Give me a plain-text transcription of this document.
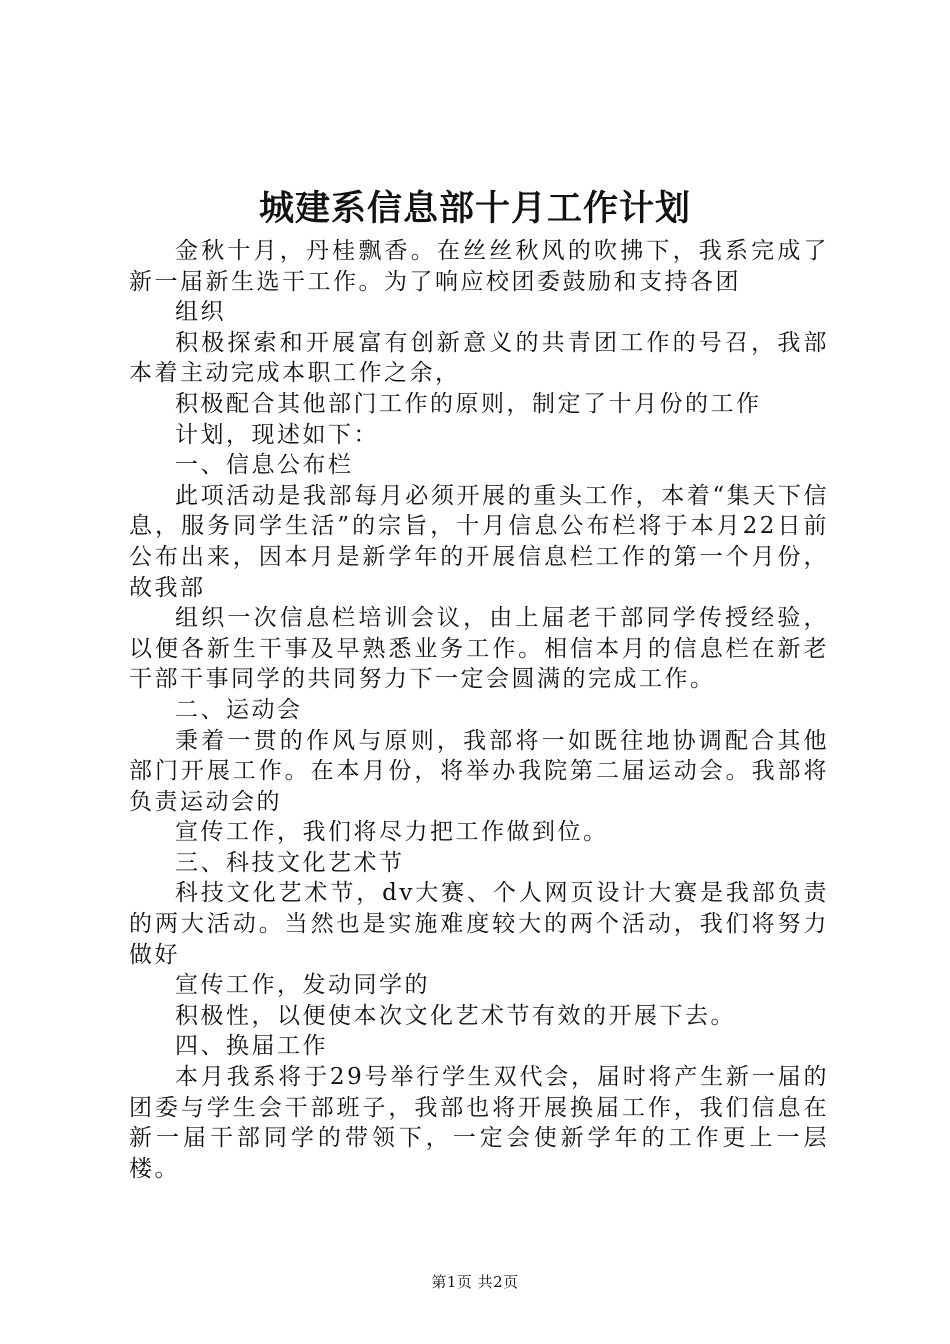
城建系信息部十月工作计划

金秋十月，丹桂飘香。在丝丝秋风的吹拂下，我系完成了新一届新生选干工作。为了响应校团委鼓励和支持各团

组织

积极探索和开展富有创新意义的共青团工作的号召，我部本着主动完成本职工作之余，

积极配合其他部门工作的原则，制定了十月份的工作

计划，现述如下：

一、信息公布栏

此项活动是我部每月必须开展的重头工作，本着“集天下信息，服务同学生活”的宗旨，十月信息公布栏将于本月22日前公布出来，因本月是新学年的开展信息栏工作的第一个月份，故我部

组织一次信息栏培训会议，由上届老干部同学传授经验，以便各新生干事及早熟悉业务工作。相信本月的信息栏在新老干部干事同学的共同努力下一定会圆满的完成工作。

二、运动会

秉着一贯的作风与原则，我部将一如既往地协调配合其他部门开展工作。在本月份，将举办我院第二届运动会。我部将负责运动会的

宣传工作，我们将尽力把工作做到位。

三、科技文化艺术节

科技文化艺术节，dv大赛、个人网页设计大赛是我部负责的两大活动。当然也是实施难度较大的两个活动，我们将努力做好

宣传工作，发动同学的

积极性，以便使本次文化艺术节有效的开展下去。

四、换届工作

本月我系将于29号举行学生双代会，届时将产生新一届的团委与学生会干部班子，我部也将开展换届工作，我们信息在新一届干部同学的带领下，一定会使新学年的工作更上一层楼。

第1页 共2页
